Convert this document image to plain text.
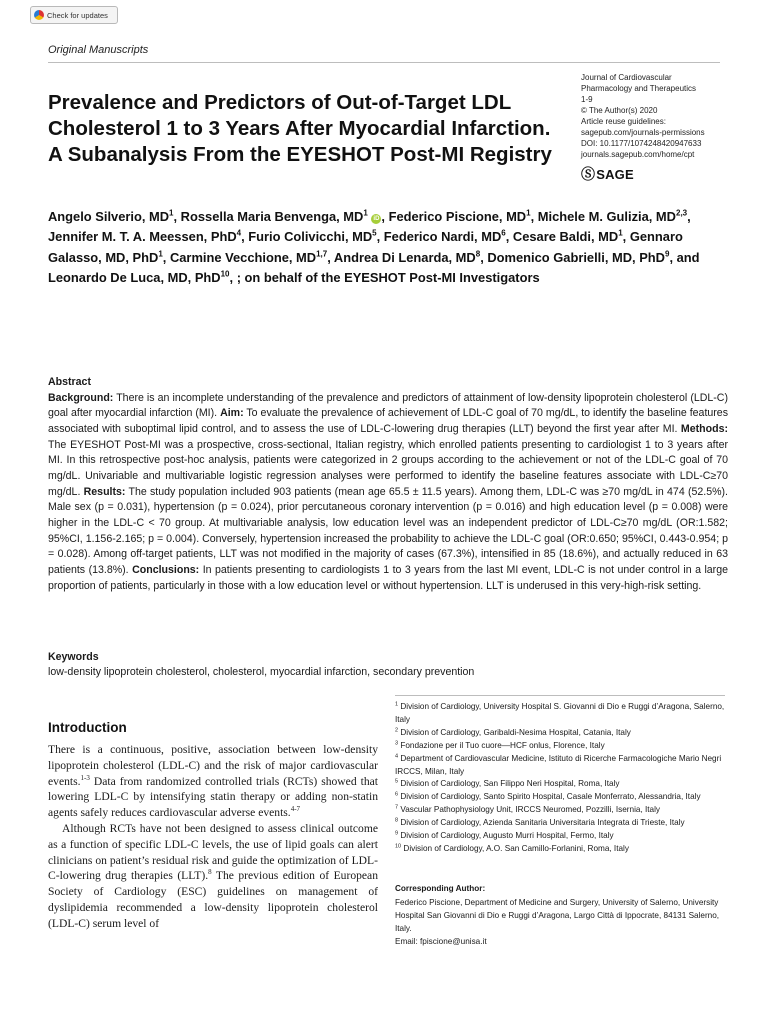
Check for updates
Original Manuscripts
Prevalence and Predictors of Out-of-Target LDL Cholesterol 1 to 3 Years After Myocardial Infarction. A Subanalysis From the EYESHOT Post-MI Registry
Journal of Cardiovascular
Pharmacology and Therapeutics
1-9
© The Author(s) 2020
Article reuse guidelines:
sagepub.com/journals-permissions
DOI: 10.1177/1074248420947633
journals.sagepub.com/home/cpt
Ⓢ SAGE
Angelo Silverio, $MD^1$, Rossella Maria Benvenga, $MD^1$ iD , Federico Piscione, $MD^1$, Michele M. Gulizia, MD$^{2,3}$, Jennifer M. T. A. Meessen, PhD$^4$, Furio Colivicchi, $MD^5$, Federico Nardi, $MD^6$, Cesare Baldi, $MD^1$, Gennaro Galasso, MD, PhD$^1$, Carmine Vecchione, MD$^{1,7}$, Andrea Di Lenarda, $MD^8$, Domenico Gabrielli, MD, PhD$^9$, and Leonardo De Luca, MD, PhD$^{10}$, ; on behalf of the EYESHOT Post-MI Investigators
Abstract
Background: There is an incomplete understanding of the prevalence and predictors of attainment of low-density lipoprotein cholesterol (LDL-C) goal after myocardial infarction (MI). Aim: To evaluate the prevalence of achievement of LDL-C goal of 70 mg/dL, to identify the baseline features associated with suboptimal lipid control, and to assess the use of LDL-C-lowering drug therapies (LLT) beyond the first year after MI. Methods: The EYESHOT Post-MI was a prospective, cross-sectional, Italian registry, which enrolled patients presenting to cardiologist 1 to 3 years after MI. In this retrospective post-hoc analysis, patients were categorized in 2 groups according to the achievement or not of the LDL-C goal of 70 mg/dL. Univariable and multivariable logistic regression analyses were performed to identify the baseline features associate with LDL-C≥70 mg/dL. Results: The study population included 903 patients (mean age 65.5 ± 11.5 years). Among them, LDL-C was ≥70 mg/dL in 474 (52.5%). Male sex (p = 0.031), hypertension (p = 0.024), prior percutaneous coronary intervention (p = 0.016) and high education level (p = 0.008) were higher in the LDL-C < 70 group. At multivariable analysis, low education level was an independent predictor of LDL-C≥70 mg/dL (OR:1.582; 95%CI, 1.156-2.165; p = 0.004). Conversely, hypertension increased the probability to achieve the LDL-C goal (OR:0.650; 95%CI, 0.443-0.954; p = 0.028). Among off-target patients, LLT was not modified in the majority of cases (67.3%), intensified in 85 (18.6%), and actually reduced in 63 patients (13.8%). Conclusions: In patients presenting to cardiologists 1 to 3 years from the last MI event, LDL-C is not under control in a large proportion of patients, particularly in those with a low education level or without hypertension. LLT is underused in this very-high-risk setting.
Keywords
low-density lipoprotein cholesterol, cholesterol, myocardial infarction, secondary prevention
Introduction

There is a continuous, positive, association between low-density lipoprotein cholesterol (LDL-C) and the risk of major cardiovascular events.$^{1-3}$ Data from randomized controlled trials (RCTs) showed that lowering LDL-C by intensifying statin therapy or adding non-statin agents safely reduces cardiovascular adverse events.$^{4-7}$

Although RCTs have not been designed to assess clinical outcome as a function of specific LDL-C levels, the use of lipid goals can alert clinicians on patient’s residual risk and guide the optimization of LDL-C-lowering drug therapies (LLT).$^8$ The previous edition of European Society of Cardiology (ESC) guidelines on management of dyslipidemia recommended a low-density lipoprotein cholesterol (LDL-C) serum level of

$^1$ Division of Cardiology, University Hospital S. Giovanni di Dio e Ruggi d’Aragona, Salerno, Italy
$^2$ Division of Cardiology, Garibaldi-Nesima Hospital, Catania, Italy
$^3$ Fondazione per il Tuo cuore—HCF onlus, Florence, Italy
$^4$ Department of Cardiovascular Medicine, Istituto di Ricerche Farmacologiche Mario Negri IRCCS, Milan, Italy
$^5$ Division of Cardiology, San Filippo Neri Hospital, Roma, Italy
$^6$ Division of Cardiology, Santo Spirito Hospital, Casale Monferrato, Alessandria, Italy
$^7$ Vascular Pathophysiology Unit, IRCCS Neuromed, Pozzilli, Isernia, Italy
$^8$ Division of Cardiology, Azienda Sanitaria Universitaria Integrata di Trieste, Italy
$^9$ Division of Cardiology, Augusto Murri Hospital, Fermo, Italy
$^{10}$ Division of Cardiology, A.O. San Camillo-Forlanini, Roma, Italy
Corresponding Author:
Federico Piscione, Department of Medicine and Surgery, University of Salerno, University Hospital San Giovanni di Dio e Ruggi d’Aragona, Largo Città di Ippocrate, 84131 Salerno, Italy.
Email: fpiscione@unisa.it
